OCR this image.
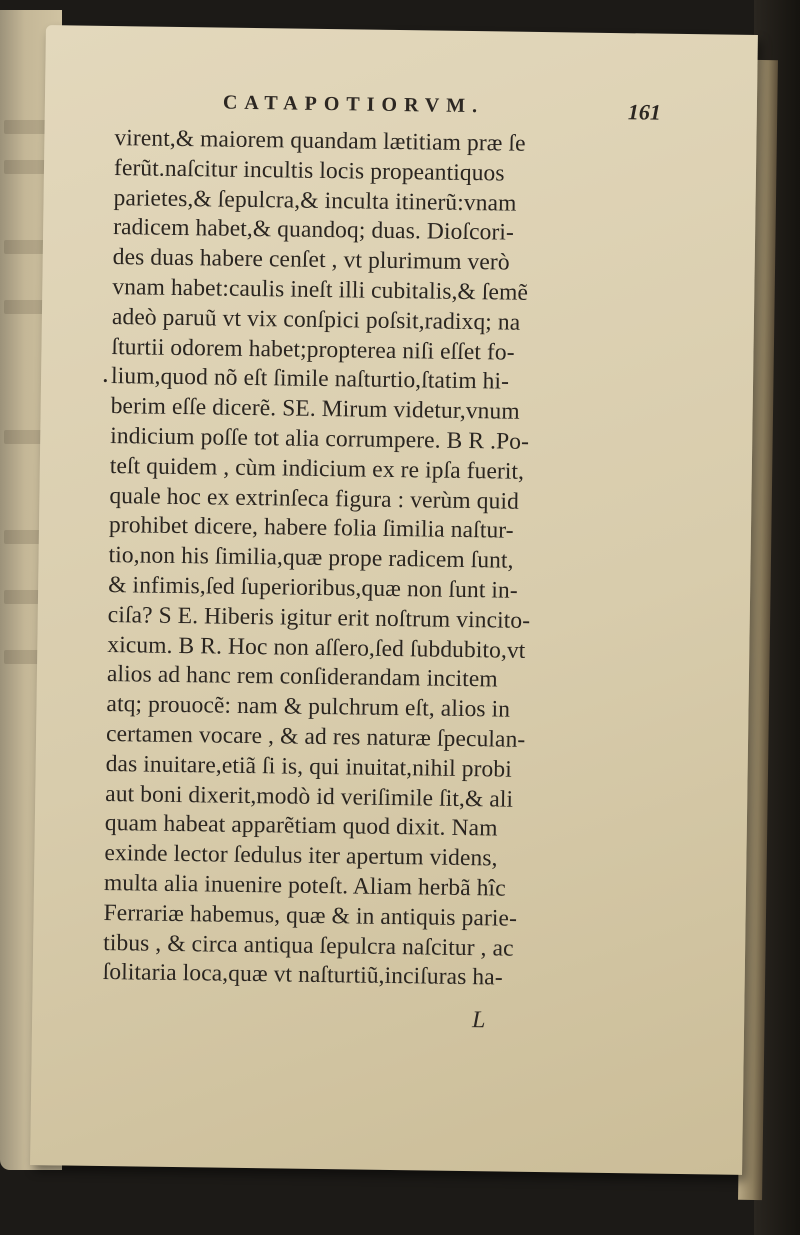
CATAPOTIORVM.	161
virent,& maiorem quandam lætitiam præ ſe
ferũt.naſcitur incultis locis propeantiquos
parietes,& ſepulcra,& inculta itinerũ:vnam
radicem habet,& quandoq; duas. Dioſcori-
des duas habere cenſet , vt plurimum verò
vnam habet:caulis ineſt illi cubitalis,& ſemẽ
adeò paruũ vt vix conſpici poſsit,radixq; na
ſturtii odorem habet;propterea niſi eſſet fo-
lium,quod nõ eſt ſimile naſturtio,ſtatim hi-
berim eſſe dicerẽ. SE. Mirum videtur,vnum
indicium poſſe tot alia corrumpere. B R .Po-
teſt quidem , cùm indicium ex re ipſa fuerit,
quale hoc ex extrinſeca figura : verùm quid
prohibet dicere, habere folia ſimilia naſtur-
tio,non his ſimilia,quæ prope radicem ſunt,
& infimis,ſed ſuperioribus,quæ non ſunt in-
ciſa? S E. Hiberis igitur erit noſtrum vincito-
xicum. B R. Hoc non aſſero,ſed ſubdubito,vt
alios ad hanc rem conſiderandam incitem
atq; prouocẽ: nam & pulchrum eſt, alios in
certamen vocare , & ad res naturæ ſpeculan-
das inuitare,etiã ſi is, qui inuitat,nihil probi
aut boni dixerit,modò id veriſimile ſit,& ali
quam habeat apparẽtiam quod dixit. Nam
exinde lector ſedulus iter apertum videns,
multa alia inuenire poteſt. Aliam herbã hîc
Ferrariæ habemus, quæ & in antiquis parie-
tibus , & circa antiqua ſepulcra naſcitur , ac
ſolitaria loca,quæ vt naſturtiũ,inciſuras ha-
•
L
